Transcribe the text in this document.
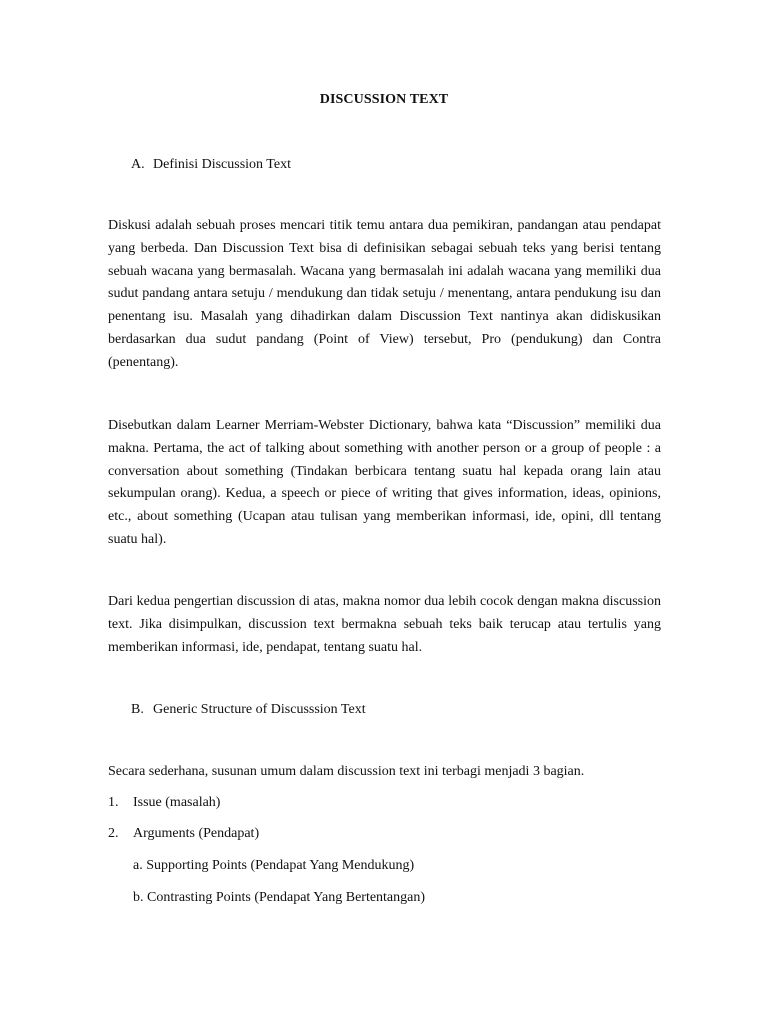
DISCUSSION TEXT
A. Definisi Discussion Text

Diskusi adalah sebuah proses mencari titik temu antara dua pemikiran, pandangan atau pendapat yang berbeda. Dan Discussion Text bisa di definisikan sebagai sebuah teks yang berisi tentang sebuah wacana yang bermasalah. Wacana yang bermasalah ini adalah wacana yang memiliki dua sudut pandang antara setuju / mendukung dan tidak setuju / menentang, antara pendukung isu dan penentang isu. Masalah yang dihadirkan dalam Discussion Text nantinya akan didiskusikan berdasarkan dua sudut pandang (Point of View) tersebut, Pro (pendukung) dan Contra (penentang).

Disebutkan dalam Learner Merriam-Webster Dictionary, bahwa kata “Discussion” memiliki dua makna. Pertama, the act of talking about something with another person or a group of people : a conversation about something (Tindakan berbicara tentang suatu hal kepada orang lain atau sekumpulan orang). Kedua, a speech or piece of writing that gives information, ideas, opinions, etc., about something (Ucapan atau tulisan yang memberikan informasi, ide, opini, dll tentang suatu hal).

Dari kedua pengertian discussion di atas, makna nomor dua lebih cocok dengan makna discussion text. Jika disimpulkan, discussion text bermakna sebuah teks baik terucap atau tertulis yang memberikan informasi, ide, pendapat, tentang suatu hal.

B. Generic Structure of Discusssion Text
Secara sederhana, susunan umum dalam discussion text ini terbagi menjadi 3 bagian.
1. Issue (masalah)
2. Arguments (Pendapat)
a. Supporting Points (Pendapat Yang Mendukung)
b. Contrasting Points (Pendapat Yang Bertentangan)
